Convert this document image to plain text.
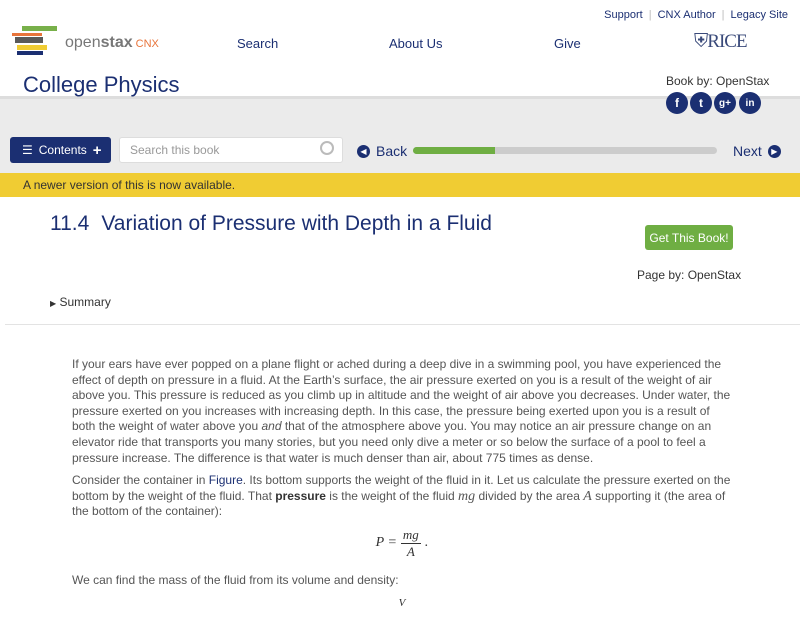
Support | CNX Author | Legacy Site
openstax CNX	Search	About Us	Give	⛨RICE
College Physics	Book by: OpenStax
f	t	g+	in
☰ Contents +	Search this book	◀ Back	Next	▶
A newer version of this is now available.
11.4 Variation of Pressure with Depth in a Fluid
Get This Book!
Page by: OpenStax
▶ Summary

If your ears have ever popped on a plane flight or ached during a deep dive in a swimming pool, you have experienced the effect of depth on pressure in a fluid. At the Earth’s surface, the air pressure exerted on you is a result of the weight of air above you. This pressure is reduced as you climb up in altitude and the weight of air above you decreases. Under water, the pressure exerted on you increases with increasing depth. In this case, the pressure being exerted upon you is a result of both the weight of water above you and that of the atmosphere above you. You may notice an air pressure change on an elevator ride that transports you many stories, but you need only dive a meter or so below the surface of a pool to feel a pressure increase. The difference is that water is much denser than air, about 775 times as dense.

Consider the container in Figure. Its bottom supports the weight of the fluid in it. Let us calculate the pressure exerted on the bottom by the weight of the fluid. That pressure is the weight of the fluid mg divided by the area A supporting it (the area of the bottom of the container):

$P = \frac{mg}{A}$ .

We can find the mass of the fluid from its volume and density:

V
